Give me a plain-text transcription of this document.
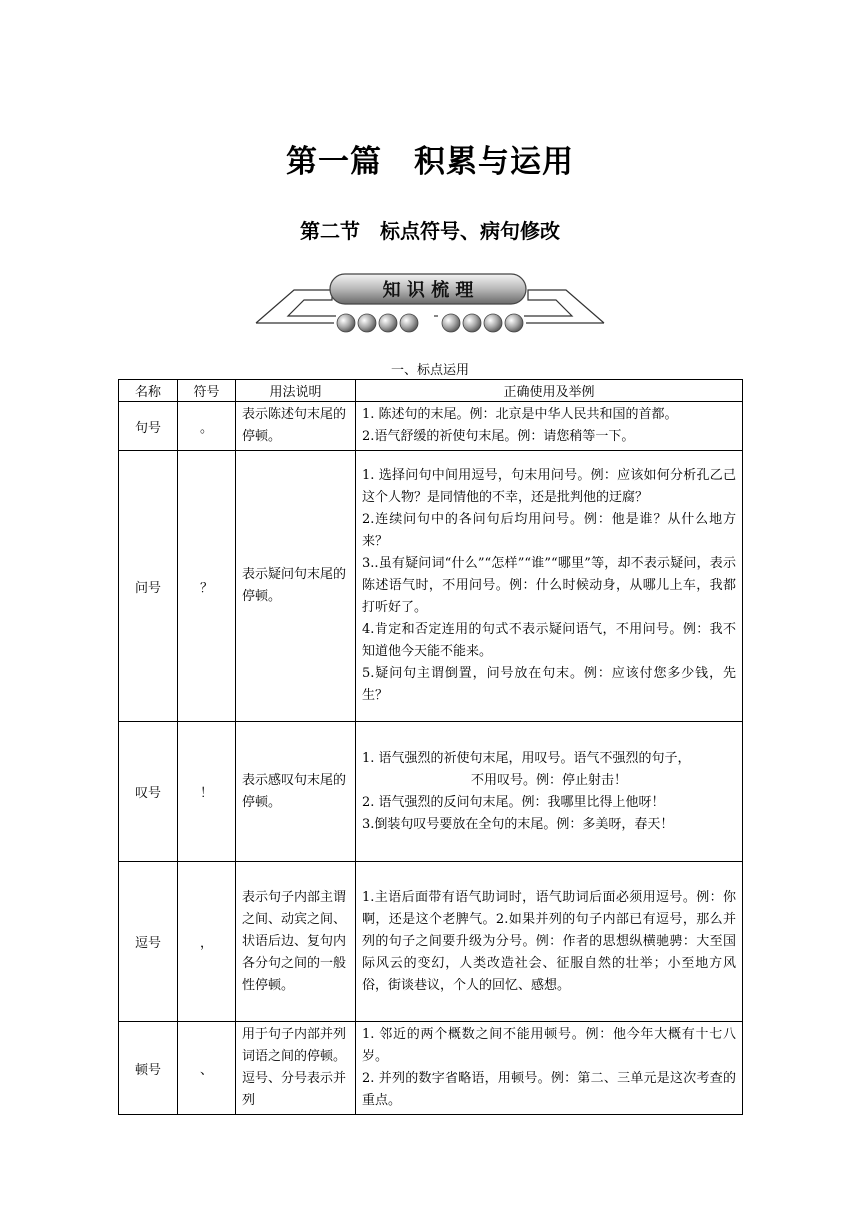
第一篇　积累与运用
第二节　标点符号、病句修改
知 识 梳 理
一、标点运用
名称	符号	用法说明	正确使用及举例
句号	。	表示陈述句末尾的停顿。	1. 陈述句的末尾。例：北京是中华人民共和国的首都。
2.语气舒缓的祈使句末尾。例：请您稍等一下。

问号	？	表示疑问句末尾的停顿。	1. 选择问句中间用逗号，句末用问号。例：应该如何分析孔乙己这个人物？是同情他的不幸，还是批判他的迂腐？
2.连续问句中的各问句后均用问号。例：他是谁？从什么地方来？
3..虽有疑问词“什么”“怎样”“谁”“哪里”等，却不表示疑问，表示陈述语气时，不用问号。例：什么时候动身，从哪儿上车，我都打听好了。
4.肯定和否定连用的句式不表示疑问语气，不用问号。例：我不知道他今天能不能来。
5.疑问句主谓倒置，问号放在句末。例：应该付您多少钱，先生？

叹号	！	表示感叹句末尾的停顿。	1. 语气强烈的祈使句末尾，用叹号。语气不强烈的句子，
不用叹号。例：停止射击！
2. 语气强烈的反问句末尾。例：我哪里比得上他呀！
3.倒装句叹号要放在全句的末尾。例：多美呀，春天！

逗号	，	表示句子内部主谓之间、动宾之间、状语后边、复句内各分句之间的一般性停顿。	1.主语后面带有语气助词时，语气助词后面必须用逗号。例：你啊，还是这个老脾气。2.如果并列的句子内部已有逗号，那么并列的句子之间要升级为分号。例：作者的思想纵横驰骋：大至国际风云的变幻，人类改造社会、征服自然的壮举；小至地方风俗，街谈巷议，个人的回忆、感想。

顿号	、	用于句子内部并列词语之间的停顿。逗号、分号表示并列	1. 邻近的两个概数之间不能用顿号。例：他今年大概有十七八岁。
2. 并列的数字省略语，用顿号。例：第二、三单元是这次考查的重点。
